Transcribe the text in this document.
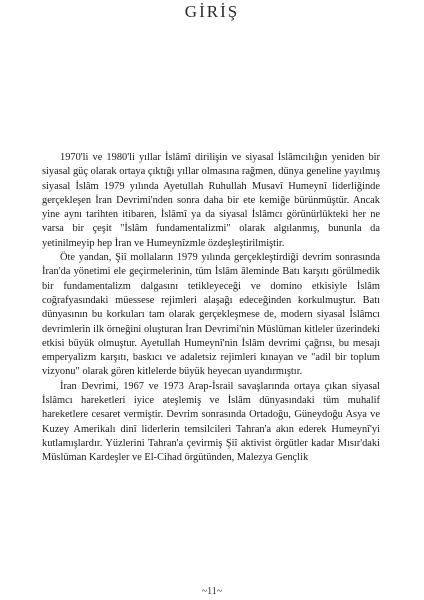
GİRİŞ

1970'li ve 1980'li yıllar İslâmî dirilişin ve siyasal İslâmcılığın yeniden bir siyasal güç olarak ortaya çıktığı yıllar olmasına rağmen, dünya geneline yayılmış siyasal İslâm 1979 yılında Ayetullah Ruhullah Musavî Humeynî liderliğinde gerçekleşen İran Devrimi'nden sonra daha bir ete kemiğe bürünmüştür. Ancak yine aynı tarihten itibaren, İslâmî ya da siyasal İslâmcı görünürlükteki her ne varsa bir çeşit "İslâm fundamentalizmi" olarak algılanmış, bununla da yetinilmeyip hep İran ve Humeynîzmle özdeşleştirilmiştir.

Öte yandan, Şiî mollaların 1979 yılında gerçekleştirdiği devrim sonrasında İran'da yönetimi ele geçirmelerinin, tüm İslâm âleminde Batı karşıtı görülmedik bir fundamentalizm dalgasını tetikleyeceği ve domino etkisiyle İslâm coğrafyasındaki müessese rejimleri alaşağı edeceğinden korkulmuştur. Batı dünyasının bu korkuları tam olarak gerçekleşmese de, modern siyasal İslâmcı devrimlerin ilk örneğini oluşturan İran Devrimi'nin Müslüman kitleler üzerindeki etkisi büyük olmuştur. Ayetullah Humeynî'nin İslâm devrimi çağrısı, bu mesajı emperyalizm karşıtı, baskıcı ve adaletsiz rejimleri kınayan ve "adil bir toplum vizyonu" olarak gören kitlelerde büyük heyecan uyandırmıştır.

İran Devrimi, 1967 ve 1973 Arap-İsrail savaşlarında ortaya çıkan siyasal İslâmcı hareketleri iyice ateşlemiş ve İslâm dünyasındaki tüm muhalif hareketlere cesaret vermiştir. Devrim sonrasında Ortadoğu, Güneydoğu Asya ve Kuzey Amerikalı dinî liderlerin temsilcileri Tahran'a akın ederek Humeynî'yi kutlamışlardır. Yüzlerini Tahran'a çevirmiş Şiî aktivist örgütler kadar Mısır'daki Müslüman Kardeşler ve El-Cihad örgütünden, Malezya Gençlik

~11~
